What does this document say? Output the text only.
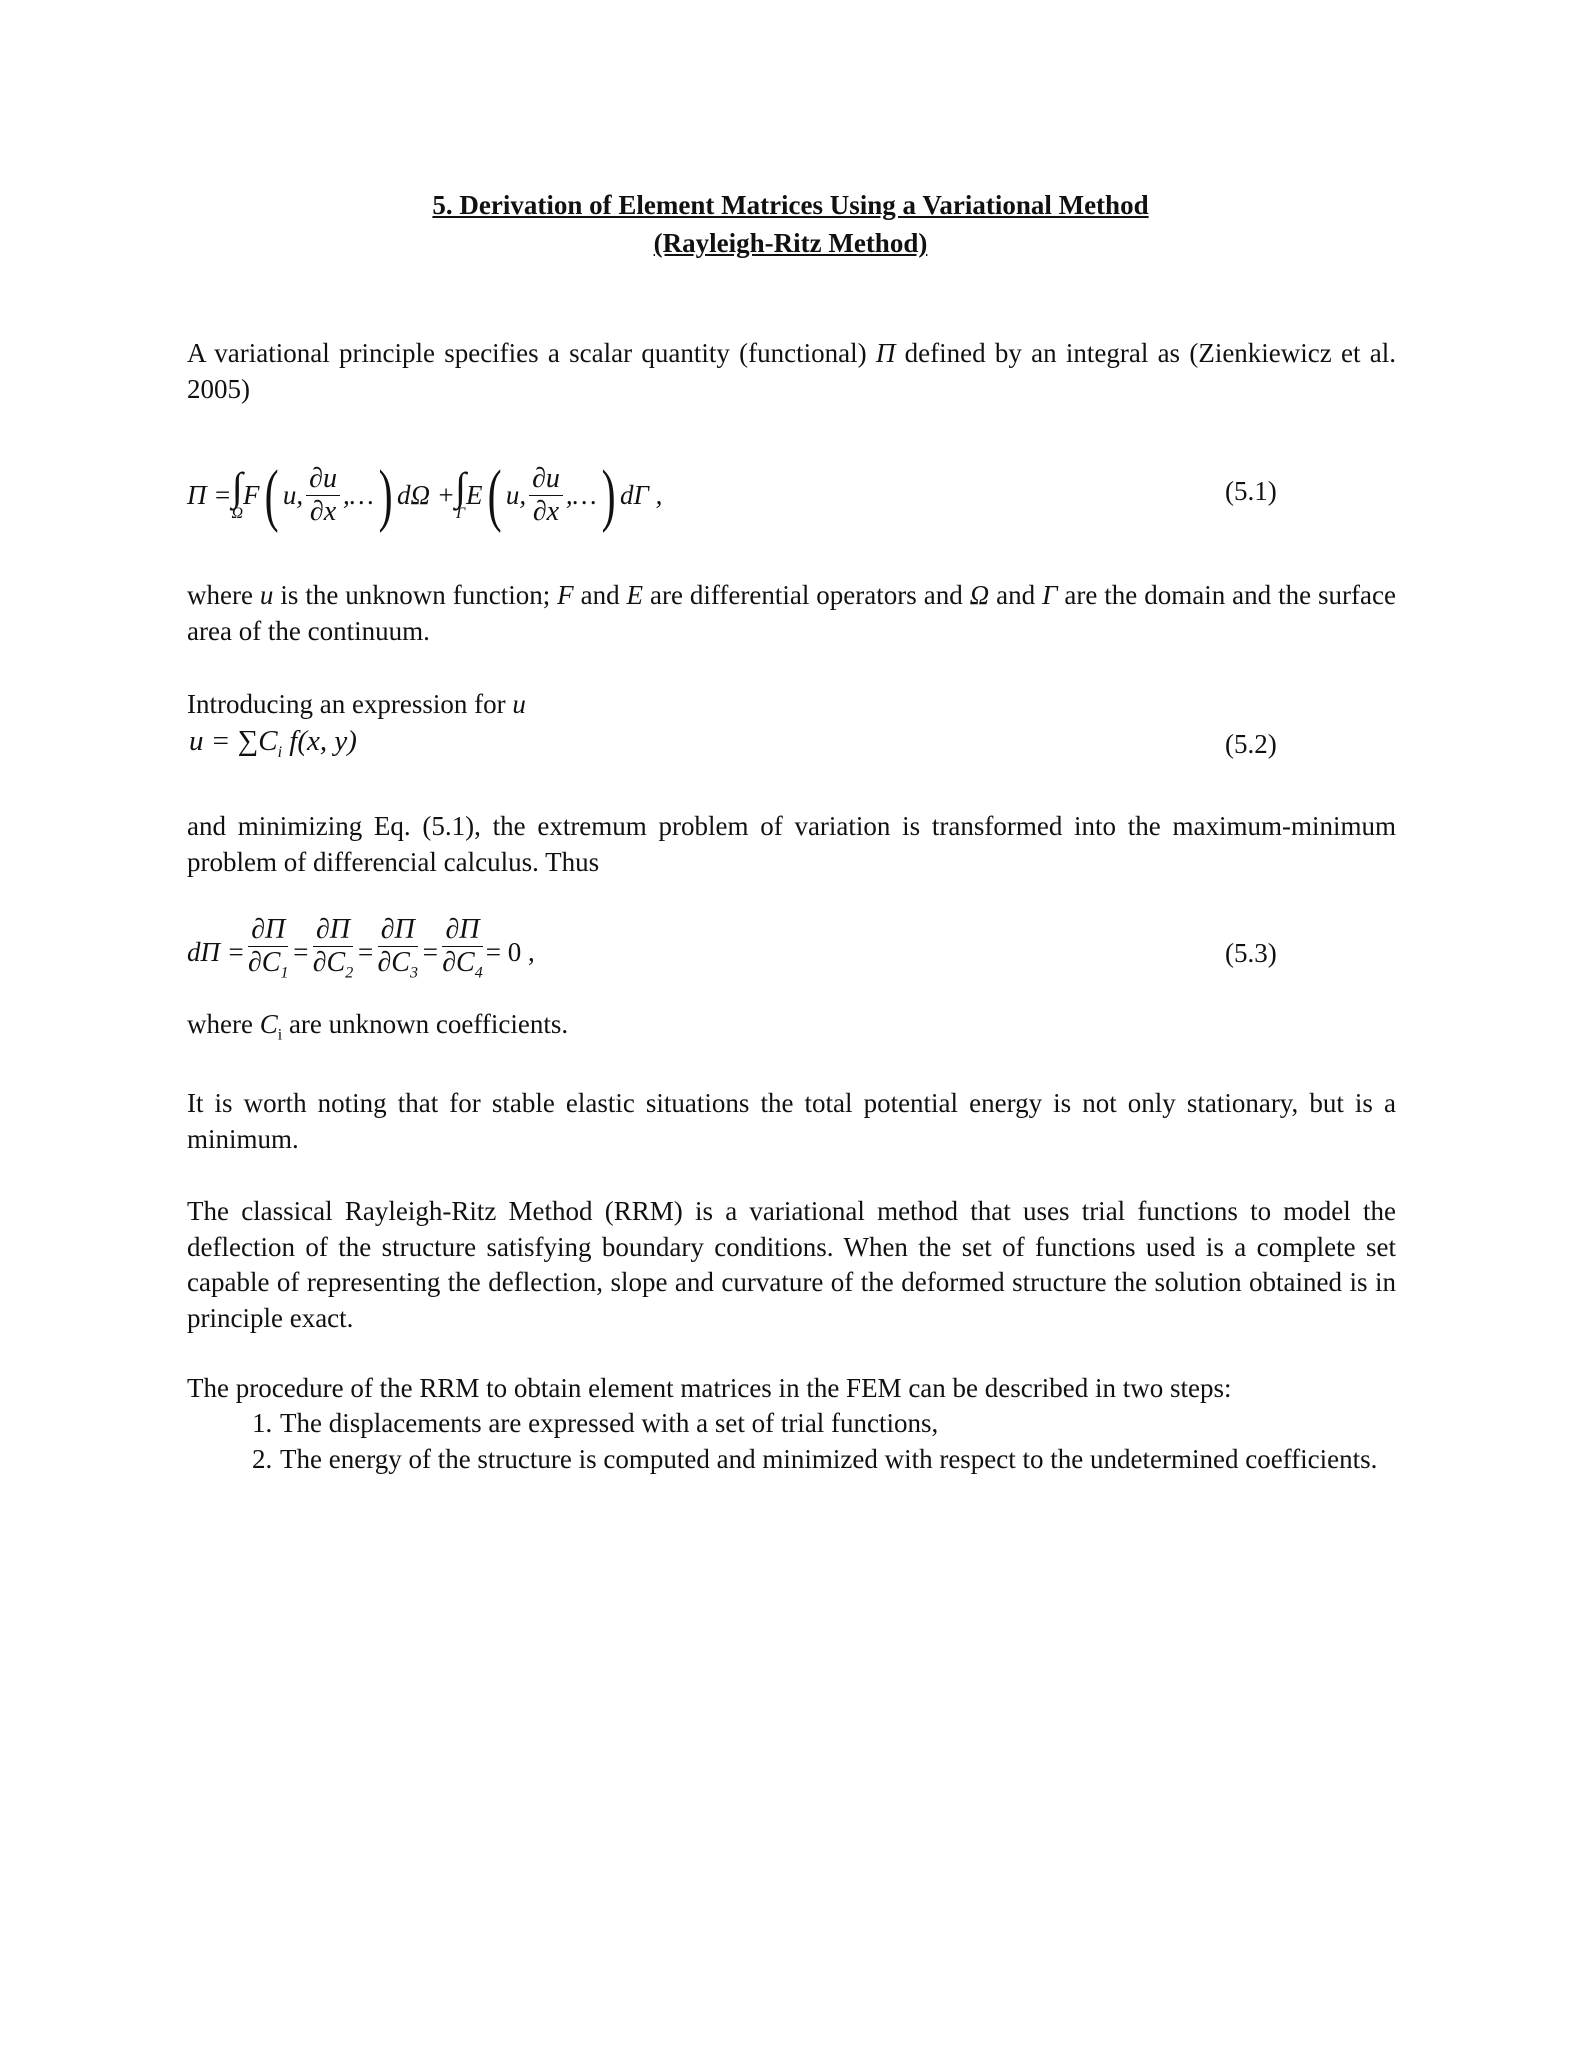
5. Derivation of Element Matrices Using a Variational Method
(Rayleigh-Ritz Method)
A variational principle specifies a scalar quantity (functional) Π defined by an integral as (Zienkiewicz et al. 2005)
Π = ∫
Ω
F ( u, $\frac{\partial u}{\partial x}$ ,… ) dΩ + ∫
Γ
E ( u, $\frac{\partial u}{\partial x}$ ,… ) dΓ ,	(5.1)
where u is the unknown function; F and E are differential operators and Ω and Γ are the domain and the surface area of the continuum.
Introducing an expression for u
$u = \sum C_i$ f(x, y)	(5.2)
and minimizing Eq. (5.1), the extremum problem of variation is transformed into the maximum-minimum problem of differencial calculus. Thus
$d\Pi = \frac{\partial\Pi}{\partial C_1} = \frac{\partial\Pi}{\partial C_2} = \frac{\partial\Pi}{\partial C_3} = \frac{\partial\Pi}{\partial C_4} = 0$ ,	(5.3)
where $C_i$ are unknown coefficients.
It is worth noting that for stable elastic situations the total potential energy is not only stationary, but is a minimum.
The classical Rayleigh-Ritz Method (RRM) is a variational method that uses trial functions to model the deflection of the structure satisfying boundary conditions. When the set of functions used is a complete set capable of representing the deflection, slope and curvature of the deformed structure the solution obtained is in principle exact.
The procedure of the RRM to obtain element matrices in the FEM can be described in two steps:
1. The displacements are expressed with a set of trial functions,
2. The energy of the structure is computed and minimized with respect to the undetermined coefficients.
